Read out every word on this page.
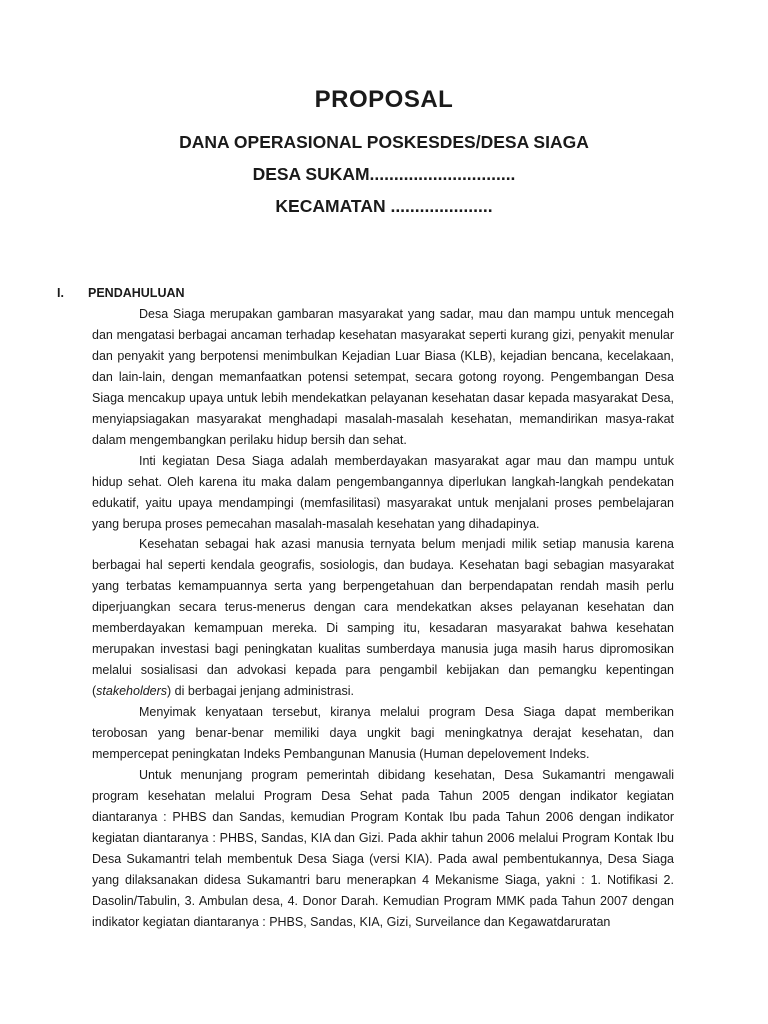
PROPOSAL
DANA OPERASIONAL POSKESDES/DESA SIAGA
DESA SUKAM..............................
KECAMATAN .....................
I. PENDAHULUAN

Desa Siaga merupakan gambaran masyarakat yang sadar, mau dan mampu untuk mencegah dan mengatasi berbagai ancaman terhadap kesehatan masyarakat seperti kurang gizi, penyakit menular dan penyakit yang berpotensi menimbulkan Kejadian Luar Biasa (KLB), kejadian bencana, kecelakaan, dan lain-lain, dengan memanfaatkan potensi setempat, secara gotong royong. Pengembangan Desa Siaga mencakup upaya untuk lebih mendekatkan pelayanan kesehatan dasar kepada masyarakat Desa, menyiapsiagakan masyarakat menghadapi masalah-masalah kesehatan, memandirikan masya-rakat dalam mengembangkan perilaku hidup bersih dan sehat.

Inti kegiatan Desa Siaga adalah memberdayakan masyarakat agar mau dan mampu untuk hidup sehat. Oleh karena itu maka dalam pengembangannya diperlukan langkah-langkah pendekatan edukatif, yaitu upaya mendampingi (memfasilitasi) masyarakat untuk menjalani proses pembelajaran yang berupa proses pemecahan masalah-masalah kesehatan yang dihadapinya.

Kesehatan sebagai hak azasi manusia ternyata belum menjadi milik setiap manusia karena berbagai hal seperti kendala geografis, sosiologis, dan budaya. Kesehatan bagi sebagian masyarakat yang terbatas kemampuannya serta yang berpengetahuan dan berpendapatan rendah masih perlu diperjuangkan secara terus-menerus dengan cara mendekatkan akses pelayanan kesehatan dan memberdayakan kemampuan mereka. Di samping itu, kesadaran masyarakat bahwa kesehatan merupakan investasi bagi peningkatan kualitas sumberdaya manusia juga masih harus dipromosikan melalui sosialisasi dan advokasi kepada para pengambil kebijakan dan pemangku kepentingan (stakeholders) di berbagai jenjang administrasi.

Menyimak kenyataan tersebut, kiranya melalui program Desa Siaga dapat memberikan terobosan yang benar-benar memiliki daya ungkit bagi meningkatnya derajat kesehatan, dan mempercepat peningkatan Indeks Pembangunan Manusia (Human depelovement Indeks.

Untuk menunjang program pemerintah dibidang kesehatan, Desa Sukamantri mengawali program kesehatan melalui Program Desa Sehat pada Tahun 2005 dengan indikator kegiatan diantaranya : PHBS dan Sandas, kemudian Program Kontak Ibu pada Tahun 2006 dengan indikator kegiatan diantaranya : PHBS, Sandas, KIA dan Gizi. Pada akhir tahun 2006 melalui Program Kontak Ibu Desa Sukamantri telah membentuk Desa Siaga (versi KIA). Pada awal pembentukannya, Desa Siaga yang dilaksanakan didesa Sukamantri baru menerapkan 4 Mekanisme Siaga, yakni : 1. Notifikasi 2. Dasolin/Tabulin, 3. Ambulan desa, 4. Donor Darah. Kemudian Program MMK pada Tahun 2007 dengan indikator kegiatan diantaranya : PHBS, Sandas, KIA, Gizi, Surveilance dan Kegawatdaruratan
